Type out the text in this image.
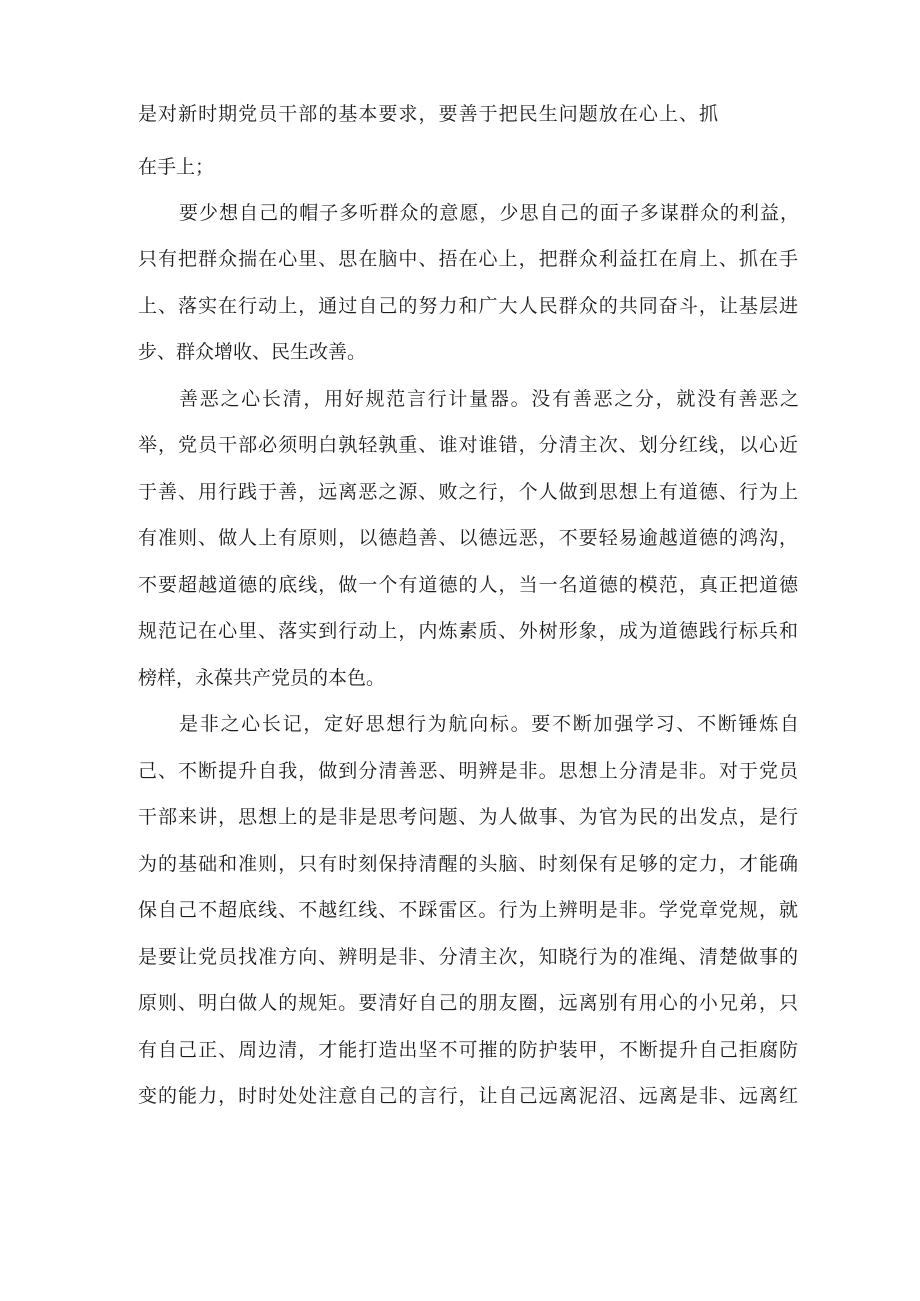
是对新时期党员干部的基本要求，要善于把民生问题放在心上、抓
在手上；
要少想自己的帽子多听群众的意愿，少思自己的面子多谋群众的利益，
只有把群众揣在心里、思在脑中、捂在心上，把群众利益扛在肩上、抓在手
上、落实在行动上，通过自己的努力和广大人民群众的共同奋斗，让基层进
步、群众增收、民生改善。
善恶之心长清，用好规范言行计量器。没有善恶之分，就没有善恶之
举，党员干部必须明白孰轻孰重、谁对谁错，分清主次、划分红线，以心近
于善、用行践于善，远离恶之源、败之行，个人做到思想上有道德、行为上
有准则、做人上有原则，以德趋善、以德远恶，不要轻易逾越道德的鸿沟，
不要超越道德的底线，做一个有道德的人，当一名道德的模范，真正把道德
规范记在心里、落实到行动上，内炼素质、外树形象，成为道德践行标兵和
榜样，永葆共产党员的本色。
是非之心长记，定好思想行为航向标。要不断加强学习、不断锤炼自
己、不断提升自我，做到分清善恶、明辨是非。思想上分清是非。对于党员
干部来讲，思想上的是非是思考问题、为人做事、为官为民的出发点，是行
为的基础和准则，只有时刻保持清醒的头脑、时刻保有足够的定力，才能确
保自己不超底线、不越红线、不踩雷区。行为上辨明是非。学党章党规，就
是要让党员找准方向、辨明是非、分清主次，知晓行为的准绳、清楚做事的
原则、明白做人的规矩。要清好自己的朋友圈，远离别有用心的小兄弟，只
有自己正、周边清，才能打造出坚不可摧的防护装甲，不断提升自己拒腐防
变的能力，时时处处注意自己的言行，让自己远离泥沼、远离是非、远离红
